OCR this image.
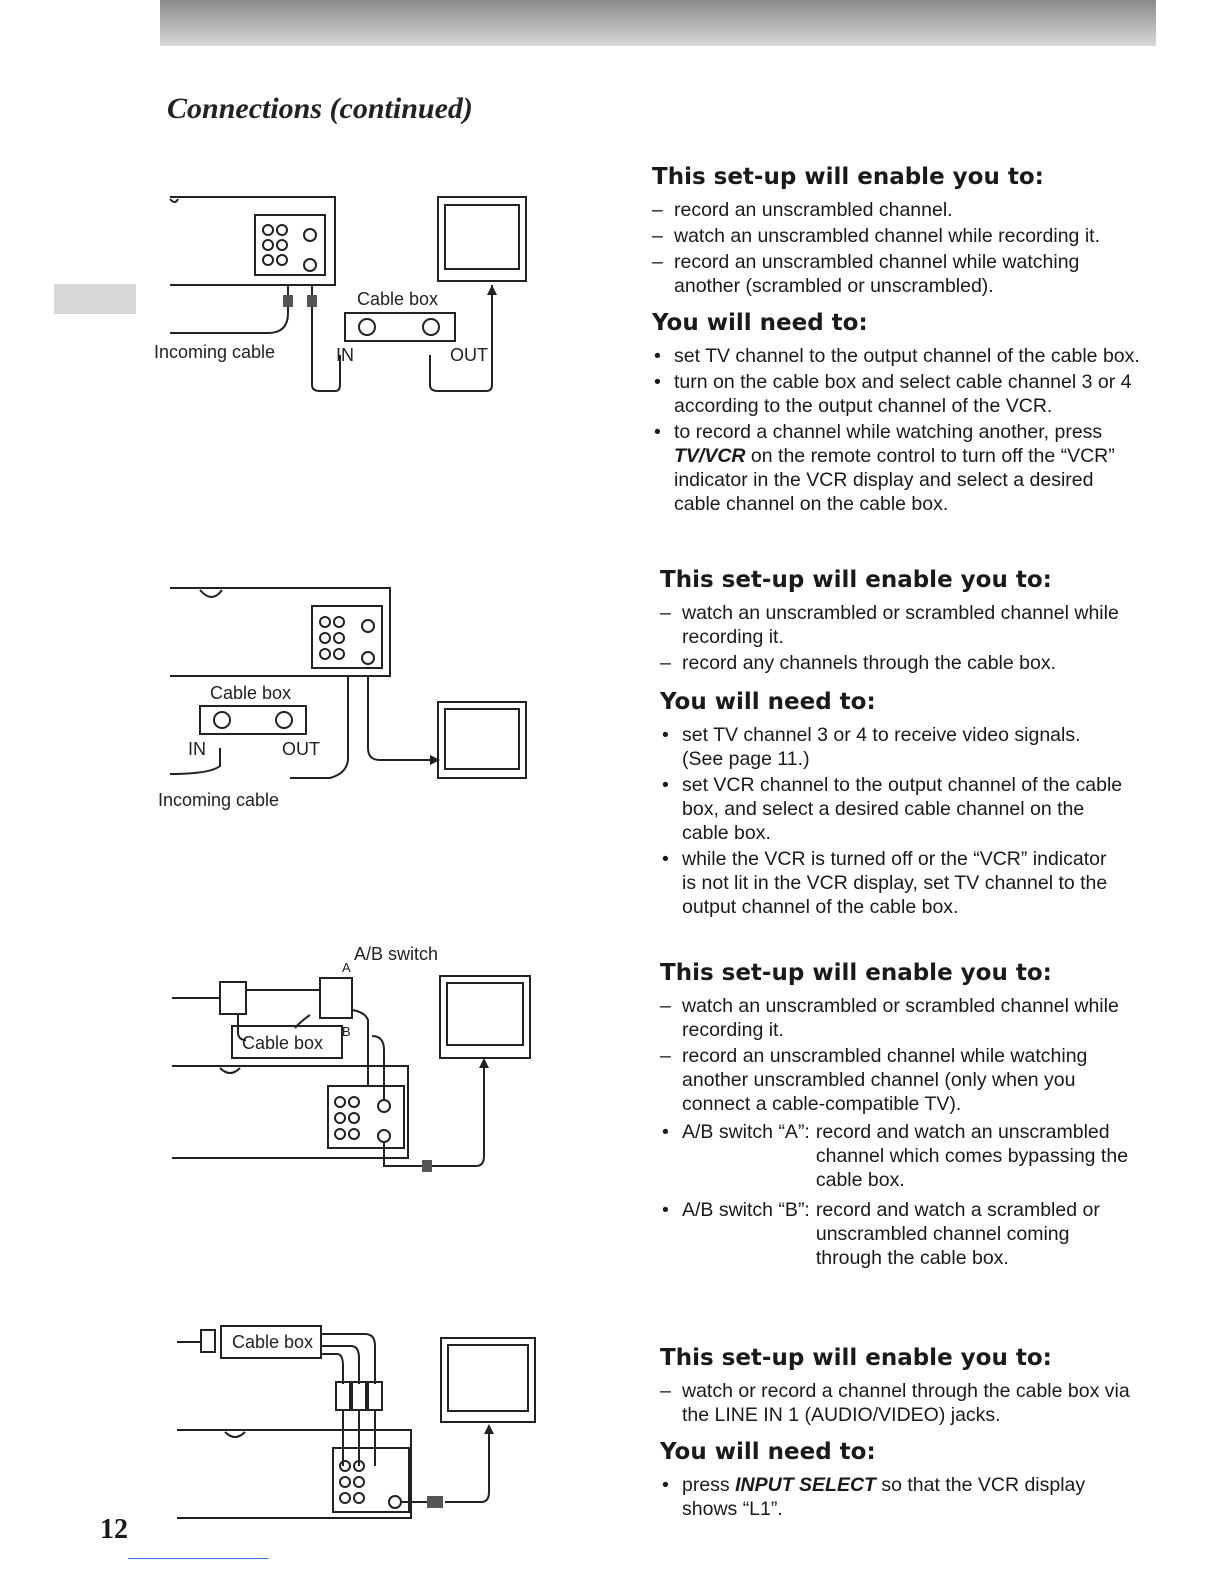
Connections (continued)
Cable box
Incoming cable	IN	OUT
Cable box
IN	OUT
Incoming cable
A/B switch
A
B
Cable box
Cable box
This set-up will enable you to:
– record an unscrambled channel.
– watch an unscrambled channel while recording it.
– record an unscrambled channel while watching another (scrambled or unscrambled).
You will need to:
• set TV channel to the output channel of the cable box.
• turn on the cable box and select cable channel 3 or 4 according to the output channel of the VCR.
• to record a channel while watching another, press TV/VCR on the remote control to turn off the “VCR” indicator in the VCR display and select a desired cable channel on the cable box.
This set-up will enable you to:
– watch an unscrambled or scrambled channel while recording it.
– record any channels through the cable box.
You will need to:
• set TV channel 3 or 4 to receive video signals. (See page 11.)
• set VCR channel to the output channel of the cable box, and select a desired cable channel on the cable box.
• while the VCR is turned off or the “VCR” indicator is not lit in the VCR display, set TV channel to the output channel of the cable box.
This set-up will enable you to:
– watch an unscrambled or scrambled channel while recording it.
– record an unscrambled channel while watching another unscrambled channel (only when you connect a cable-compatible TV).
• A/B switch “A”: record and watch an unscrambled channel which comes bypassing the cable box.
• A/B switch “B”: record and watch a scrambled or unscrambled channel coming through the cable box.
This set-up will enable you to:
– watch or record a channel through the cable box via the LINE IN 1 (AUDIO/VIDEO) jacks.
You will need to:
• press INPUT SELECT so that the VCR display shows “L1”.
12
